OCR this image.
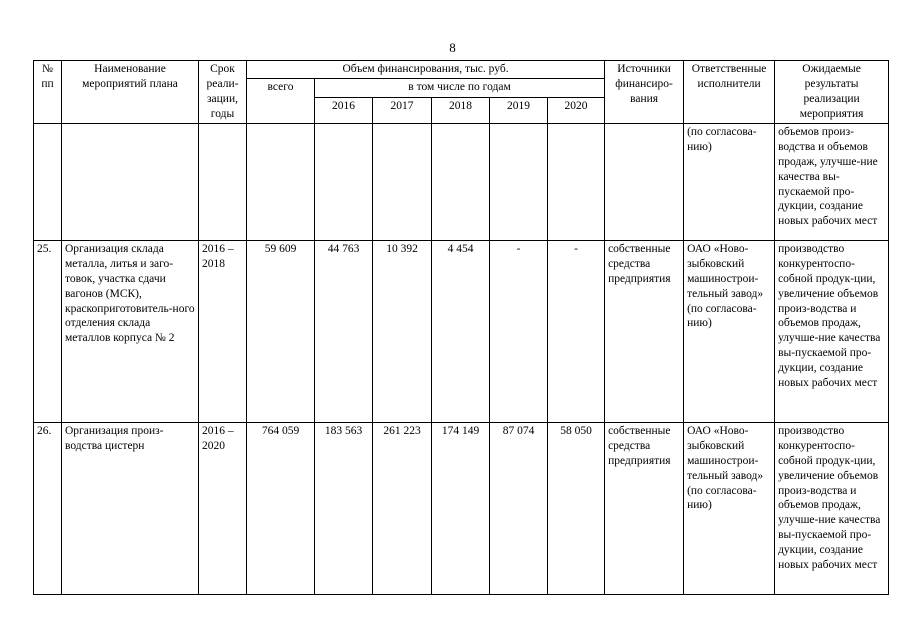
8
№ пп	Наименование мероприятий плана	Срок реали-зации, годы	Объем финансирования, тыс. руб.						Источники финансиро-вания	Ответственные исполнители	Ожидаемые результаты реализации мероприятия
			всего	в том числе по годам							
				2016	2017	2018	2019	2020			
										(по согласова-нию)	объемов произ-водства и объемов продаж, улучше-ние качества вы-пускаемой про-дукции, создание новых рабочих мест
25.	Организация склада металла, литья и заго-товок, участка сдачи вагонов (МСК), краскоприготовитель-ного отделения склада металлов корпуса № 2	2016 – 2018	59 609	44 763	10 392	4 454	-	-	собственные средства предприятия	ОАО «Ново-зыбковский машинострои-тельный завод» (по согласова-нию)	производство конкурентоспо-собной продук-ции, увеличение объемов произ-водства и объемов продаж, улучше-ние качества вы-пускаемой про-дукции, создание новых рабочих мест
26.	Организация произ-водства цистерн	2016 – 2020	764 059	183 563	261 223	174 149	87 074	58 050	собственные средства предприятия	ОАО «Ново-зыбковский машинострои-тельный завод» (по согласова-нию)	производство конкурентоспо-собной продук-ции, увеличение объемов произ-водства и объемов продаж, улучше-ние качества вы-пускаемой про-дукции, создание новых рабочих мест
